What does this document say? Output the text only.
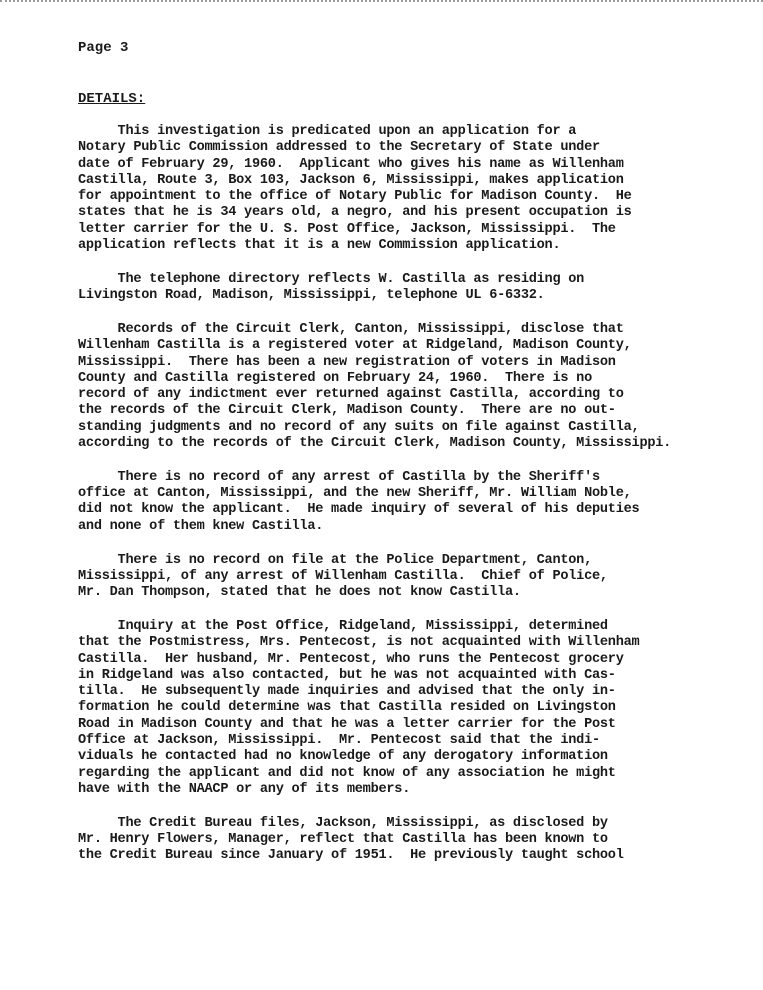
Page 3
DETAILS:
This investigation is predicated upon an application for a
Notary Public Commission addressed to the Secretary of State under
date of February 29, 1960.  Applicant who gives his name as Willenham
Castilla, Route 3, Box 103, Jackson 6, Mississippi, makes application
for appointment to the office of Notary Public for Madison County.  He
states that he is 34 years old, a negro, and his present occupation is
letter carrier for the U. S. Post Office, Jackson, Mississippi.  The
application reflects that it is a new Commission application.
The telephone directory reflects W. Castilla as residing on
Livingston Road, Madison, Mississippi, telephone UL 6-6332.
Records of the Circuit Clerk, Canton, Mississippi, disclose that
Willenham Castilla is a registered voter at Ridgeland, Madison County,
Mississippi.  There has been a new registration of voters in Madison
County and Castilla registered on February 24, 1960.  There is no
record of any indictment ever returned against Castilla, according to
the records of the Circuit Clerk, Madison County.  There are no out-
standing judgments and no record of any suits on file against Castilla,
according to the records of the Circuit Clerk, Madison County, Mississippi.
There is no record of any arrest of Castilla by the Sheriff's
office at Canton, Mississippi, and the new Sheriff, Mr. William Noble,
did not know the applicant.  He made inquiry of several of his deputies
and none of them knew Castilla.
There is no record on file at the Police Department, Canton,
Mississippi, of any arrest of Willenham Castilla.  Chief of Police,
Mr. Dan Thompson, stated that he does not know Castilla.
Inquiry at the Post Office, Ridgeland, Mississippi, determined
that the Postmistress, Mrs. Pentecost, is not acquainted with Willenham
Castilla.  Her husband, Mr. Pentecost, who runs the Pentecost grocery
in Ridgeland was also contacted, but he was not acquainted with Cas-
tilla.  He subsequently made inquiries and advised that the only in-
formation he could determine was that Castilla resided on Livingston
Road in Madison County and that he was a letter carrier for the Post
Office at Jackson, Mississippi.  Mr. Pentecost said that the indi-
viduals he contacted had no knowledge of any derogatory information
regarding the applicant and did not know of any association he might
have with the NAACP or any of its members.
The Credit Bureau files, Jackson, Mississippi, as disclosed by
Mr. Henry Flowers, Manager, reflect that Castilla has been known to
the Credit Bureau since January of 1951.  He previously taught school
